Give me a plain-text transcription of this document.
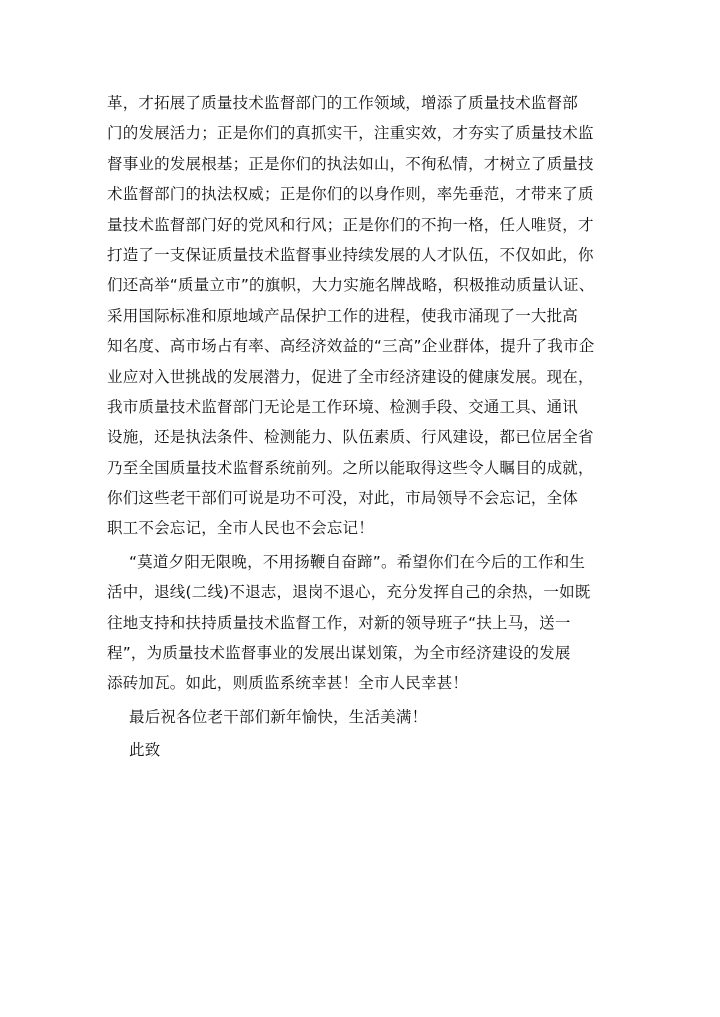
革，才拓展了质量技术监督部门的工作领域，增添了质量技术监督部
门的发展活力；正是你们的真抓实干，注重实效，才夯实了质量技术监
督事业的发展根基；正是你们的执法如山，不徇私情，才树立了质量技
术监督部门的执法权威；正是你们的以身作则，率先垂范，才带来了质
量技术监督部门好的党风和行风；正是你们的不拘一格，任人唯贤，才
打造了一支保证质量技术监督事业持续发展的人才队伍，不仅如此，你
们还高举“质量立市”的旗帜，大力实施名牌战略，积极推动质量认证、
采用国际标准和原地域产品保护工作的进程，使我市涌现了一大批高
知名度、高市场占有率、高经济效益的“三高”企业群体，提升了我市企
业应对入世挑战的发展潜力，促进了全市经济建设的健康发展。现在，
我市质量技术监督部门无论是工作环境、检测手段、交通工具、通讯
设施，还是执法条件、检测能力、队伍素质、行风建设，都已位居全省
乃至全国质量技术监督系统前列。之所以能取得这些令人瞩目的成就，
你们这些老干部们可说是功不可没，对此，市局领导不会忘记，全体
职工不会忘记，全市人民也不会忘记！
“莫道夕阳无限晚，不用扬鞭自奋蹄”。希望你们在今后的工作和生
活中，退线(二线)不退志，退岗不退心，充分发挥自己的余热，一如既
往地支持和扶持质量技术监督工作，对新的领导班子“扶上马，送一
程”，为质量技术监督事业的发展出谋划策，为全市经济建设的发展
添砖加瓦。如此，则质监系统幸甚！全市人民幸甚！
最后祝各位老干部们新年愉快，生活美满！
此致
